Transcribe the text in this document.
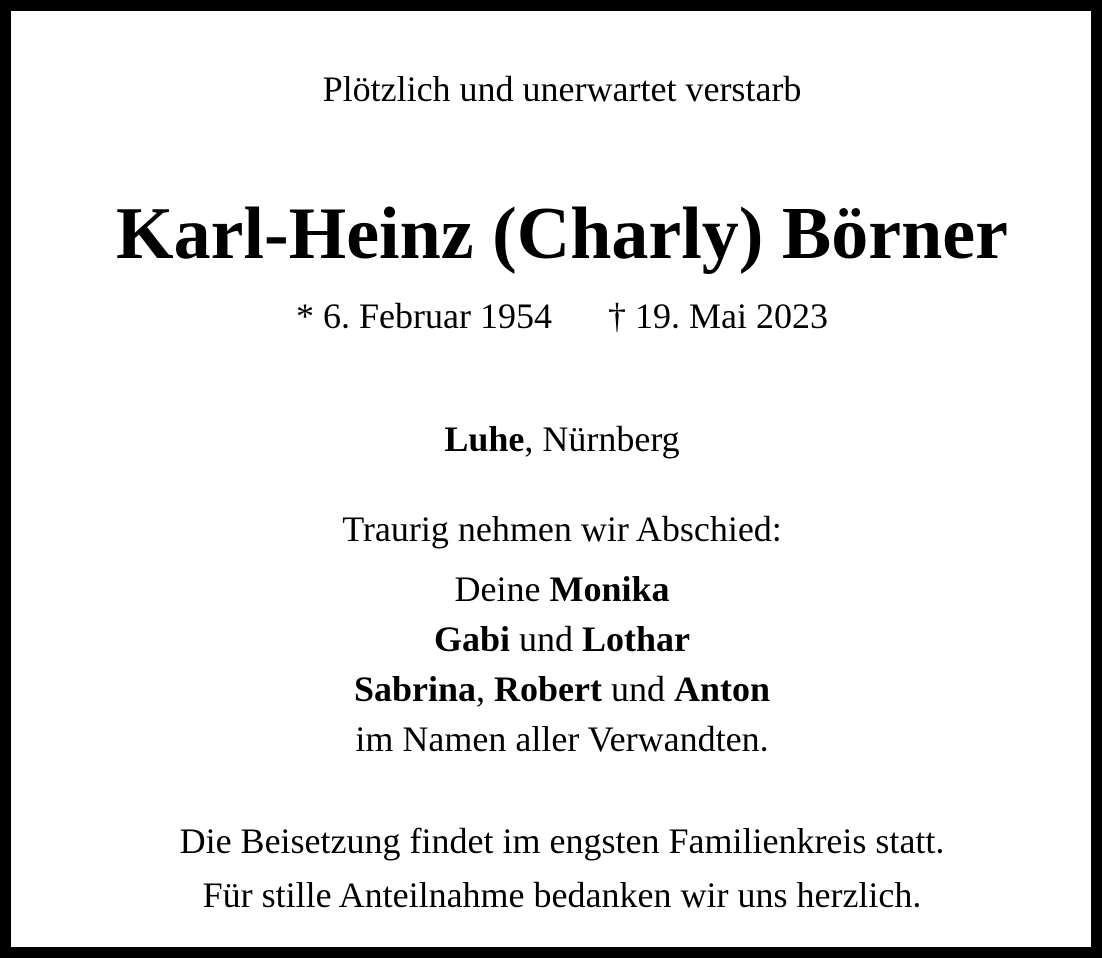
Plötzlich und unerwartet verstarb
Karl-Heinz (Charly) Börner
* 6. Februar 1954 † 19. Mai 2023
Luhe, Nürnberg
Traurig nehmen wir Abschied:
Deine Monika
Gabi und Lothar
Sabrina, Robert und Anton
im Namen aller Verwandten.
Die Beisetzung findet im engsten Familienkreis statt.
Für stille Anteilnahme bedanken wir uns herzlich.
